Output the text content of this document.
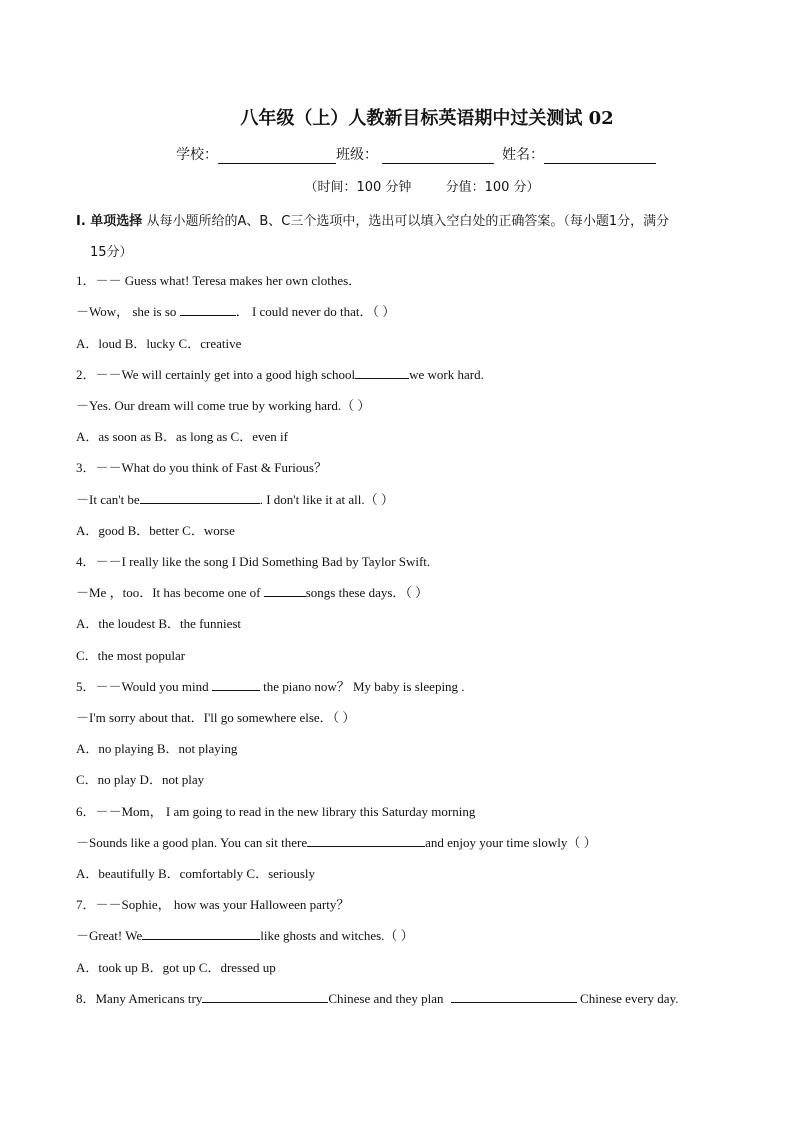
八年级（上）人教新目标英语期中过关测试 02
学校：	班级：	姓名：
（时间：100 分钟	分值：100 分）
I. 单项选择 从每小题所给的A、B、C三个选项中，选出可以填入空白处的正确答案。（每小题1分，满分
15分）
1．－－ Guess what! Teresa makes her own clothes．
－Wow， she is so	． I could never do that．（ ）
A．loud B．lucky C．creative
2．－－We will certainly get into a good high school	we work hard.
－Yes. Our dream will come true by working hard.（ ）
A．as soon as B．as long as C．even if
3．－－What do you think of Fast & Furious？
－It can't be	. I don't like it at all.（ ）
A．good B．better C．worse
4．－－I really like the song I Did Something Bad by Taylor Swift.
－Me ，too．It has become one of	songs these days．（ ）
A．the loudest B．the funniest
C．the most popular
5．－－Would you mind	the piano now？ My baby is sleeping .
－I'm sorry about that．I'll go somewhere else．（ ）
A．no playing B．not playing
C．no play D．not play
6．－－Mom， I am going to read in the new library this Saturday morning
－Sounds like a good plan. You can sit there	and enjoy your time slowly（ ）
A．beautifully B．comfortably C．seriously
7．－－Sophie， how was your Halloween party？
－Great! We	like ghosts and witches.（ ）
A．took up B．got up C．dressed up
8．Many Americans try	Chinese and they plan	Chinese every day.
